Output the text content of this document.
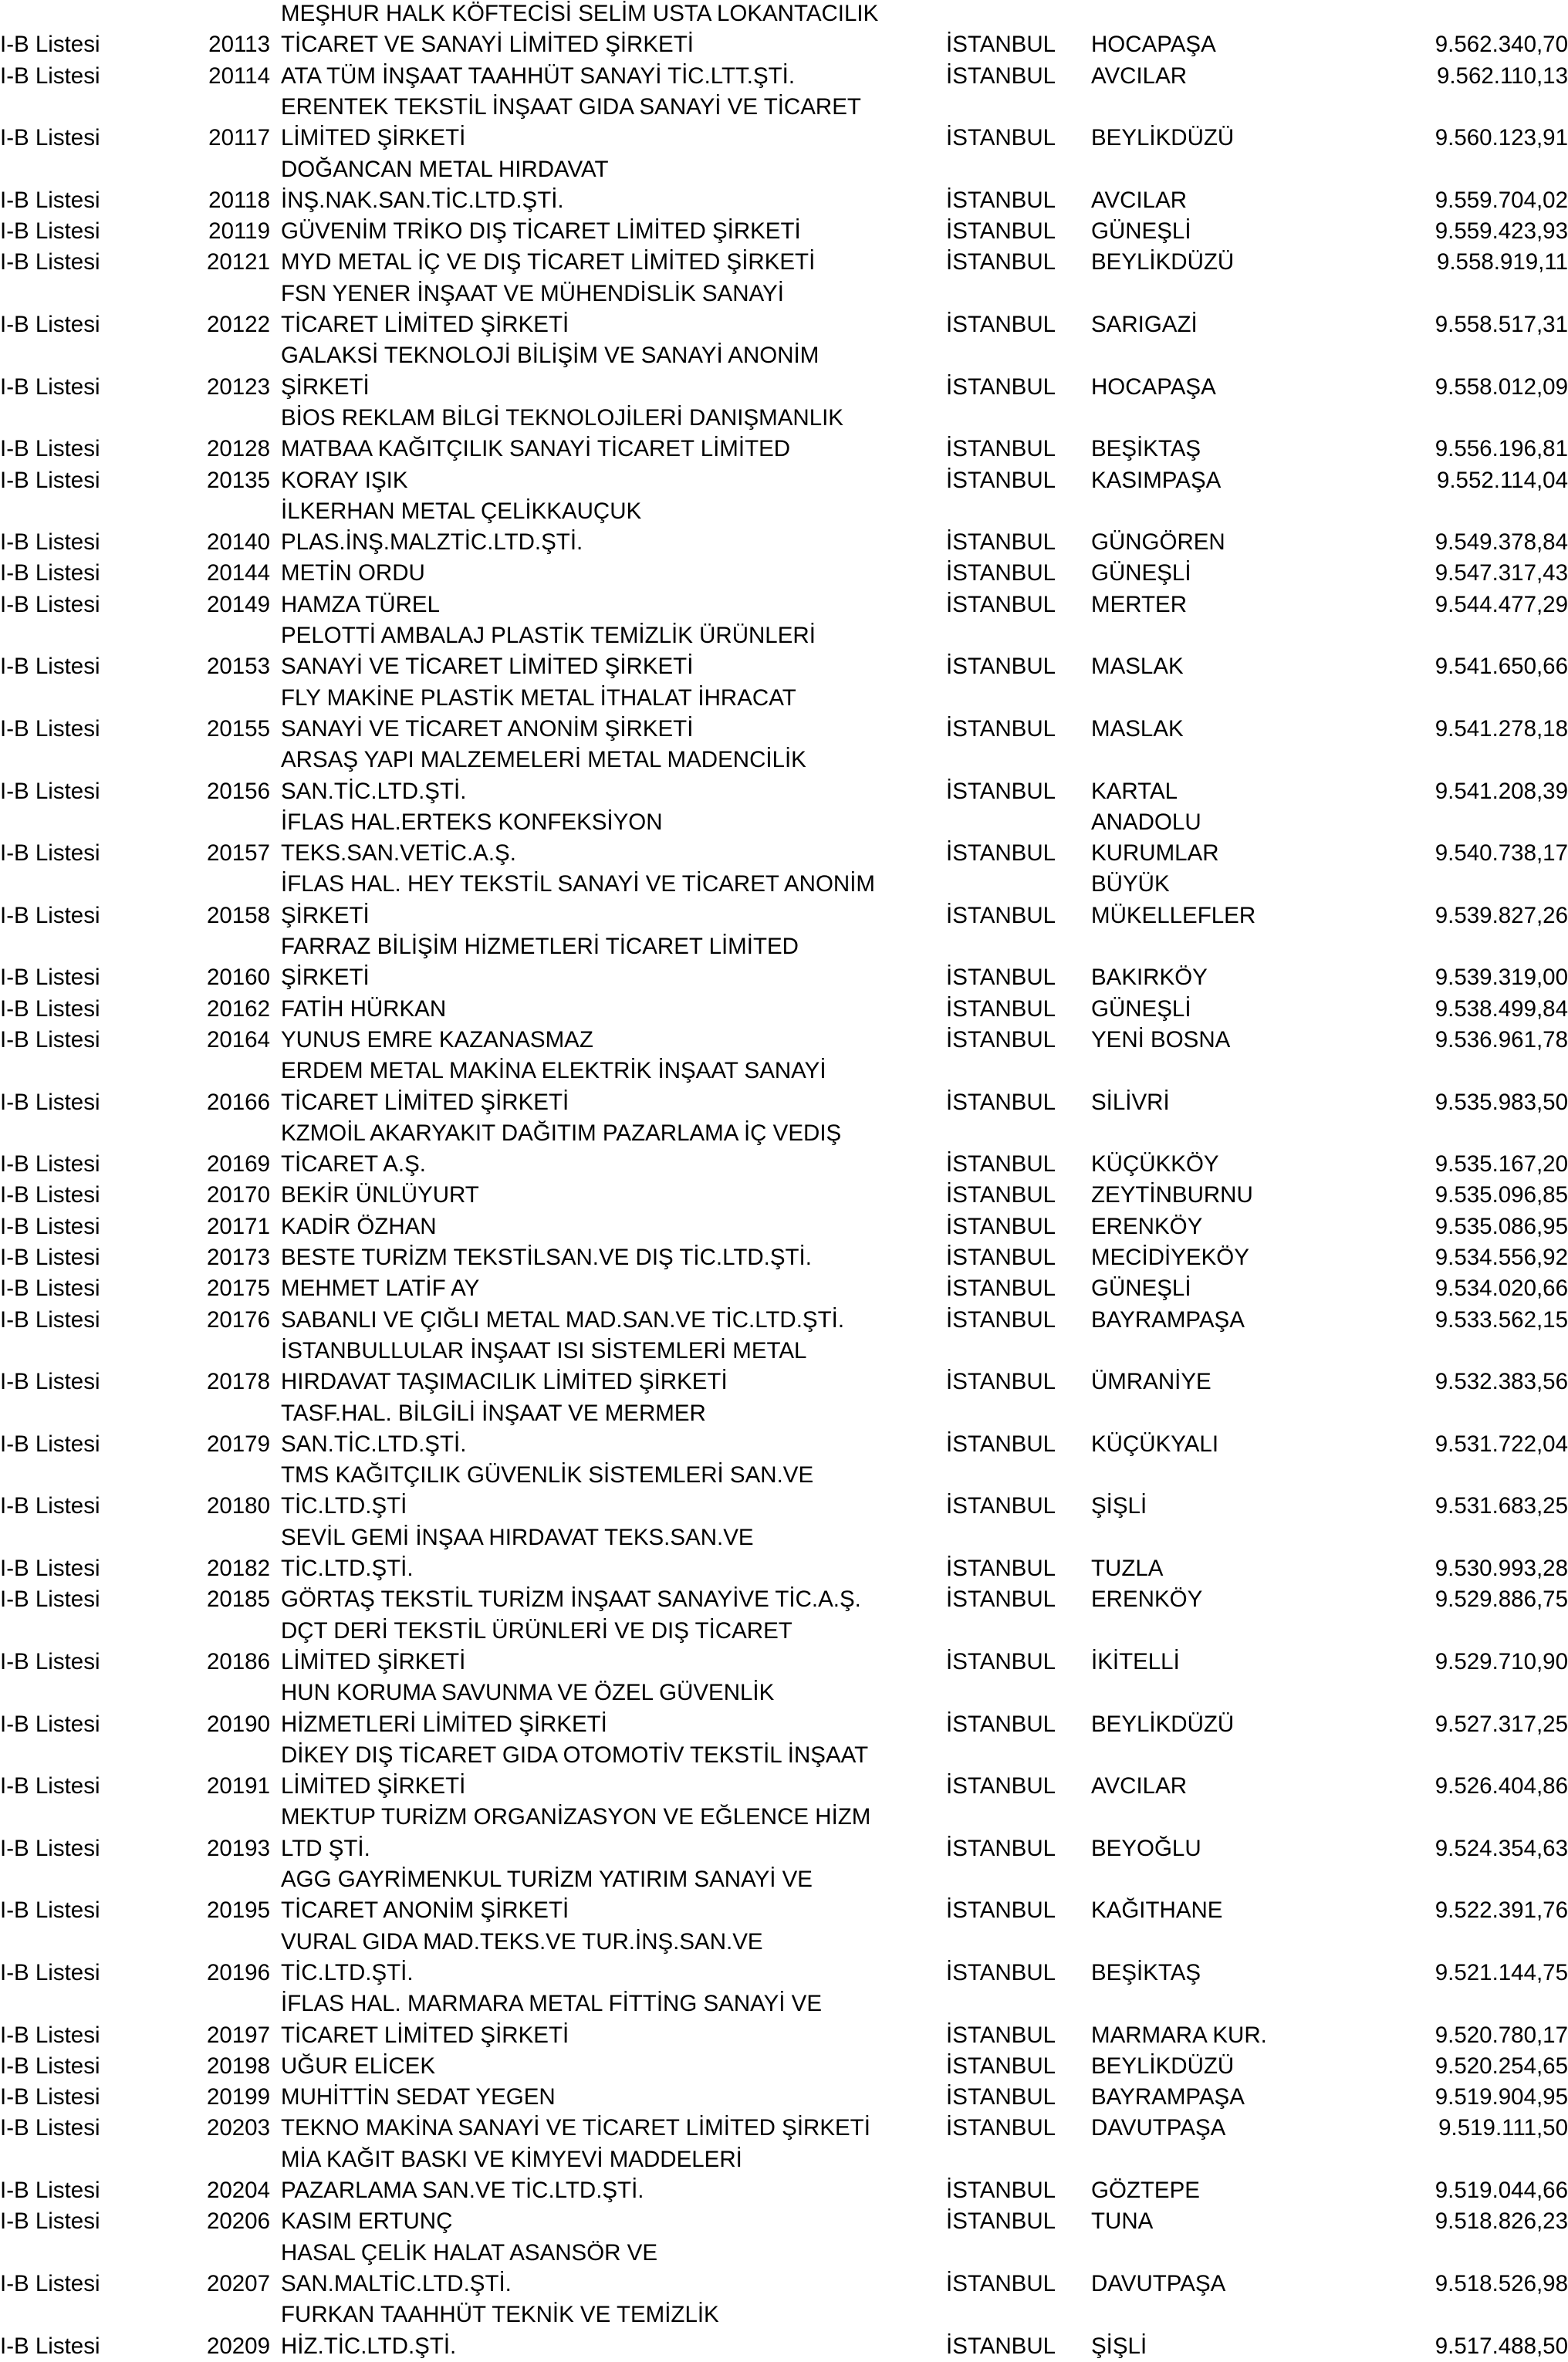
MEŞHUR HALK KÖFTECİSİ SELİM USTA LOKANTACILIK
I-B Listesi	20113 TİCARET VE SANAYİ LİMİTED ŞİRKETİ	İSTANBUL HOCAPAŞA	9.562.340,70
I-B Listesi	20114 ATA TÜM İNŞAAT TAAHHÜT SANAYİ TİC.LTT.ŞTİ.	İSTANBUL AVCILAR	9.562.110,13
ERENTEK TEKSTİL İNŞAAT GIDA SANAYİ VE TİCARET
I-B Listesi	20117 LİMİTED ŞİRKETİ	İSTANBUL BEYLİKDÜZÜ	9.560.123,91
DOĞANCAN METAL HIRDAVAT
I-B Listesi	20118 İNŞ.NAK.SAN.TİC.LTD.ŞTİ.	İSTANBUL AVCILAR	9.559.704,02
I-B Listesi	20119 GÜVENİM TRİKO DIŞ TİCARET LİMİTED ŞİRKETİ	İSTANBUL GÜNEŞLİ	9.559.423,93
I-B Listesi	20121 MYD METAL İÇ VE DIŞ TİCARET LİMİTED ŞİRKETİ	İSTANBUL BEYLİKDÜZÜ	9.558.919,11
FSN YENER İNŞAAT VE MÜHENDİSLİK SANAYİ
I-B Listesi	20122 TİCARET LİMİTED ŞİRKETİ	İSTANBUL SARIGAZİ	9.558.517,31
GALAKSİ TEKNOLOJİ BİLİŞİM VE SANAYİ ANONİM
I-B Listesi	20123 ŞİRKETİ	İSTANBUL HOCAPAŞA	9.558.012,09
BİOS REKLAM BİLGİ TEKNOLOJİLERİ DANIŞMANLIK
I-B Listesi	20128 MATBAA KAĞITÇILIK SANAYİ TİCARET LİMİTED	İSTANBUL BEŞİKTAŞ	9.556.196,81
I-B Listesi	20135 KORAY IŞIK	İSTANBUL KASIMPAŞA	9.552.114,04
İLKERHAN METAL ÇELİKKAUÇUK
I-B Listesi	20140 PLAS.İNŞ.MALZTİC.LTD.ŞTİ.	İSTANBUL GÜNGÖREN	9.549.378,84
I-B Listesi	20144 METİN ORDU	İSTANBUL GÜNEŞLİ	9.547.317,43
I-B Listesi	20149 HAMZA TÜREL	İSTANBUL MERTER	9.544.477,29
PELOTTİ AMBALAJ PLASTİK TEMİZLİK ÜRÜNLERİ
I-B Listesi	20153 SANAYİ VE TİCARET LİMİTED ŞİRKETİ	İSTANBUL MASLAK	9.541.650,66
FLY MAKİNE PLASTİK METAL İTHALAT İHRACAT
I-B Listesi	20155 SANAYİ VE TİCARET ANONİM ŞİRKETİ	İSTANBUL MASLAK	9.541.278,18
ARSAŞ YAPI MALZEMELERİ METAL MADENCİLİK
I-B Listesi	20156 SAN.TİC.LTD.ŞTİ.	İSTANBUL KARTAL	9.541.208,39
İFLAS HAL.ERTEKS KONFEKSİYON	ANADOLU
I-B Listesi	20157 TEKS.SAN.VETİC.A.Ş.	İSTANBUL KURUMLAR	9.540.738,17
İFLAS HAL. HEY TEKSTİL SANAYİ VE TİCARET ANONİM	BÜYÜK
I-B Listesi	20158 ŞİRKETİ	İSTANBUL MÜKELLEFLER	9.539.827,26
FARRAZ BİLİŞİM HİZMETLERİ TİCARET LİMİTED
I-B Listesi	20160 ŞİRKETİ	İSTANBUL BAKIRKÖY	9.539.319,00
I-B Listesi	20162 FATİH HÜRKAN	İSTANBUL GÜNEŞLİ	9.538.499,84
I-B Listesi	20164 YUNUS EMRE KAZANASMAZ	İSTANBUL YENİ BOSNA	9.536.961,78
ERDEM METAL MAKİNA ELEKTRİK İNŞAAT SANAYİ
I-B Listesi	20166 TİCARET LİMİTED ŞİRKETİ	İSTANBUL SİLİVRİ	9.535.983,50
KZMOİL AKARYAKIT DAĞITIM PAZARLAMA İÇ VEDIŞ
I-B Listesi	20169 TİCARET A.Ş.	İSTANBUL KÜÇÜKKÖY	9.535.167,20
I-B Listesi	20170 BEKİR ÜNLÜYURT	İSTANBUL ZEYTİNBURNU	9.535.096,85
I-B Listesi	20171 KADİR ÖZHAN	İSTANBUL ERENKÖY	9.535.086,95
I-B Listesi	20173 BESTE TURİZM TEKSTİLSAN.VE DIŞ TİC.LTD.ŞTİ.	İSTANBUL MECİDİYEKÖY	9.534.556,92
I-B Listesi	20175 MEHMET LATİF AY	İSTANBUL GÜNEŞLİ	9.534.020,66
I-B Listesi	20176 SABANLI VE ÇIĞLI METAL MAD.SAN.VE TİC.LTD.ŞTİ.	İSTANBUL BAYRAMPAŞA	9.533.562,15
İSTANBULLULAR İNŞAAT ISI SİSTEMLERİ METAL
I-B Listesi	20178 HIRDAVAT TAŞIMACILIK LİMİTED ŞİRKETİ	İSTANBUL ÜMRANİYE	9.532.383,56
TASF.HAL. BİLGİLİ İNŞAAT VE MERMER
I-B Listesi	20179 SAN.TİC.LTD.ŞTİ.	İSTANBUL KÜÇÜKYALI	9.531.722,04
TMS KAĞITÇILIK GÜVENLİK SİSTEMLERİ SAN.VE
I-B Listesi	20180 TİC.LTD.ŞTİ	İSTANBUL ŞİŞLİ	9.531.683,25
SEVİL GEMİ İNŞAA HIRDAVAT TEKS.SAN.VE
I-B Listesi	20182 TİC.LTD.ŞTİ.	İSTANBUL TUZLA	9.530.993,28
I-B Listesi	20185 GÖRTAŞ TEKSTİL TURİZM İNŞAAT SANAYİVE TİC.A.Ş.	İSTANBUL ERENKÖY	9.529.886,75
DÇT DERİ TEKSTİL ÜRÜNLERİ VE DIŞ TİCARET
I-B Listesi	20186 LİMİTED ŞİRKETİ	İSTANBUL İKİTELLİ	9.529.710,90
HUN KORUMA SAVUNMA VE ÖZEL GÜVENLİK
I-B Listesi	20190 HİZMETLERİ LİMİTED ŞİRKETİ	İSTANBUL BEYLİKDÜZÜ	9.527.317,25
DİKEY DIŞ TİCARET GIDA OTOMOTİV TEKSTİL İNŞAAT
I-B Listesi	20191 LİMİTED ŞİRKETİ	İSTANBUL AVCILAR	9.526.404,86
MEKTUP TURİZM ORGANİZASYON VE EĞLENCE HİZM
I-B Listesi	20193 LTD ŞTİ.	İSTANBUL BEYOĞLU	9.524.354,63
AGG GAYRİMENKUL TURİZM YATIRIM SANAYİ VE
I-B Listesi	20195 TİCARET ANONİM ŞİRKETİ	İSTANBUL KAĞITHANE	9.522.391,76
VURAL GIDA MAD.TEKS.VE TUR.İNŞ.SAN.VE
I-B Listesi	20196 TİC.LTD.ŞTİ.	İSTANBUL BEŞİKTAŞ	9.521.144,75
İFLAS HAL. MARMARA METAL FİTTİNG SANAYİ VE
I-B Listesi	20197 TİCARET LİMİTED ŞİRKETİ	İSTANBUL MARMARA KUR.	9.520.780,17
I-B Listesi	20198 UĞUR ELİCEK	İSTANBUL BEYLİKDÜZÜ	9.520.254,65
I-B Listesi	20199 MUHİTTİN SEDAT YEGEN	İSTANBUL BAYRAMPAŞA	9.519.904,95
I-B Listesi	20203 TEKNO MAKİNA SANAYİ VE TİCARET LİMİTED ŞİRKETİ	İSTANBUL DAVUTPAŞA	9.519.111,50
MİA KAĞIT BASKI VE KİMYEVİ MADDELERİ
I-B Listesi	20204 PAZARLAMA SAN.VE TİC.LTD.ŞTİ.	İSTANBUL GÖZTEPE	9.519.044,66
I-B Listesi	20206 KASIM ERTUNÇ	İSTANBUL TUNA	9.518.826,23
HASAL ÇELİK HALAT ASANSÖR VE
I-B Listesi	20207 SAN.MALTİC.LTD.ŞTİ.	İSTANBUL DAVUTPAŞA	9.518.526,98
FURKAN TAAHHÜT TEKNİK VE TEMİZLİK
I-B Listesi	20209 HİZ.TİC.LTD.ŞTİ.	İSTANBUL ŞİŞLİ	9.517.488,50
